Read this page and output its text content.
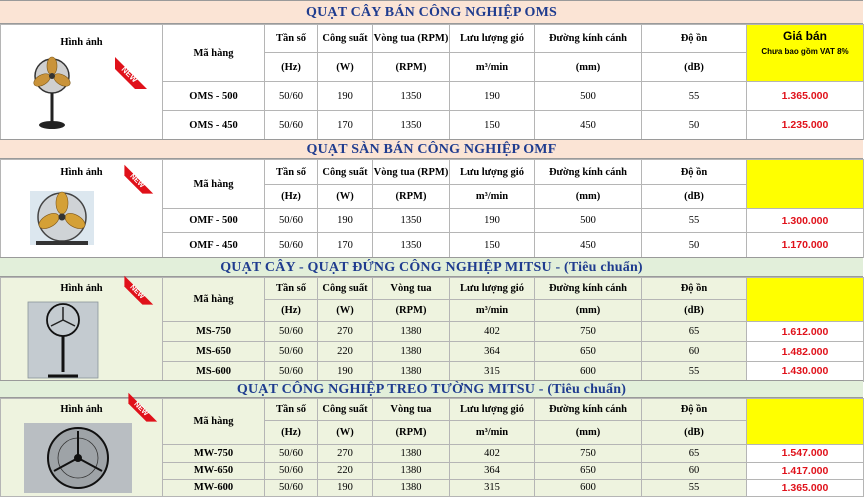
QUẠT CÂY BÁN CÔNG NGHIỆP OMS
Hình ảnh	Mã hàng	Tần số	Công suất	Vòng tua (RPM)	Lưu lượng gió	Đường kính cánh	Độ ồn	Giá bán
Chưa bao gồm VAT 8%

NEW		(Hz)	(W)	(RPM)	m³/min	(mm)	(dB)	
	OMS - 500	50/60	190	1350	190	500	55	1.365.000
	OMS - 450	50/60	170	1350	150	450	50	1.235.000
QUẠT SÀN BÁN CÔNG NGHIỆP OMF
Hình ảnh	Mã hàng	Tần số	Công suất	Vòng tua (RPM)	Lưu lượng gió	Đường kính cánh	Độ ồn	

NEW		(Hz)	(W)	(RPM)	m³/min	(mm)	(dB)	
	OMF - 500	50/60	190	1350	190	500	55	1.300.000
	OMF - 450	50/60	170	1350	150	450	50	1.170.000
QUẠT CÂY - QUẠT ĐỨNG CÔNG NGHIỆP MITSU - (Tiêu chuẩn)
Hình ảnh	Mã hàng	Tần số	Công suất	Vòng tua	Lưu lượng gió	Đường kính cánh	Độ ồn	

NEW		(Hz)	(W)	(RPM)	m³/min	(mm)	(dB)	
	MS-750	50/60	270	1380	402	750	65	1.612.000
	MS-650	50/60	220	1380	364	650	60	1.482.000
	MS-600	50/60	190	1380	315	600	55	1.430.000
QUẠT CÔNG NGHIỆP TREO TƯỜNG MITSU - (Tiêu chuẩn)
Hình ảnh	Mã hàng	Tần số	Công suất	Vòng tua	Lưu lượng gió	Đường kính cánh	Độ ồn	

NEW		(Hz)	(W)	(RPM)	m³/min	(mm)	(dB)	
	MW-750	50/60	270	1380	402	750	65	1.547.000
	MW-650	50/60	220	1380	364	650	60	1.417.000
	MW-600	50/60	190	1380	315	600	55	1.365.000
